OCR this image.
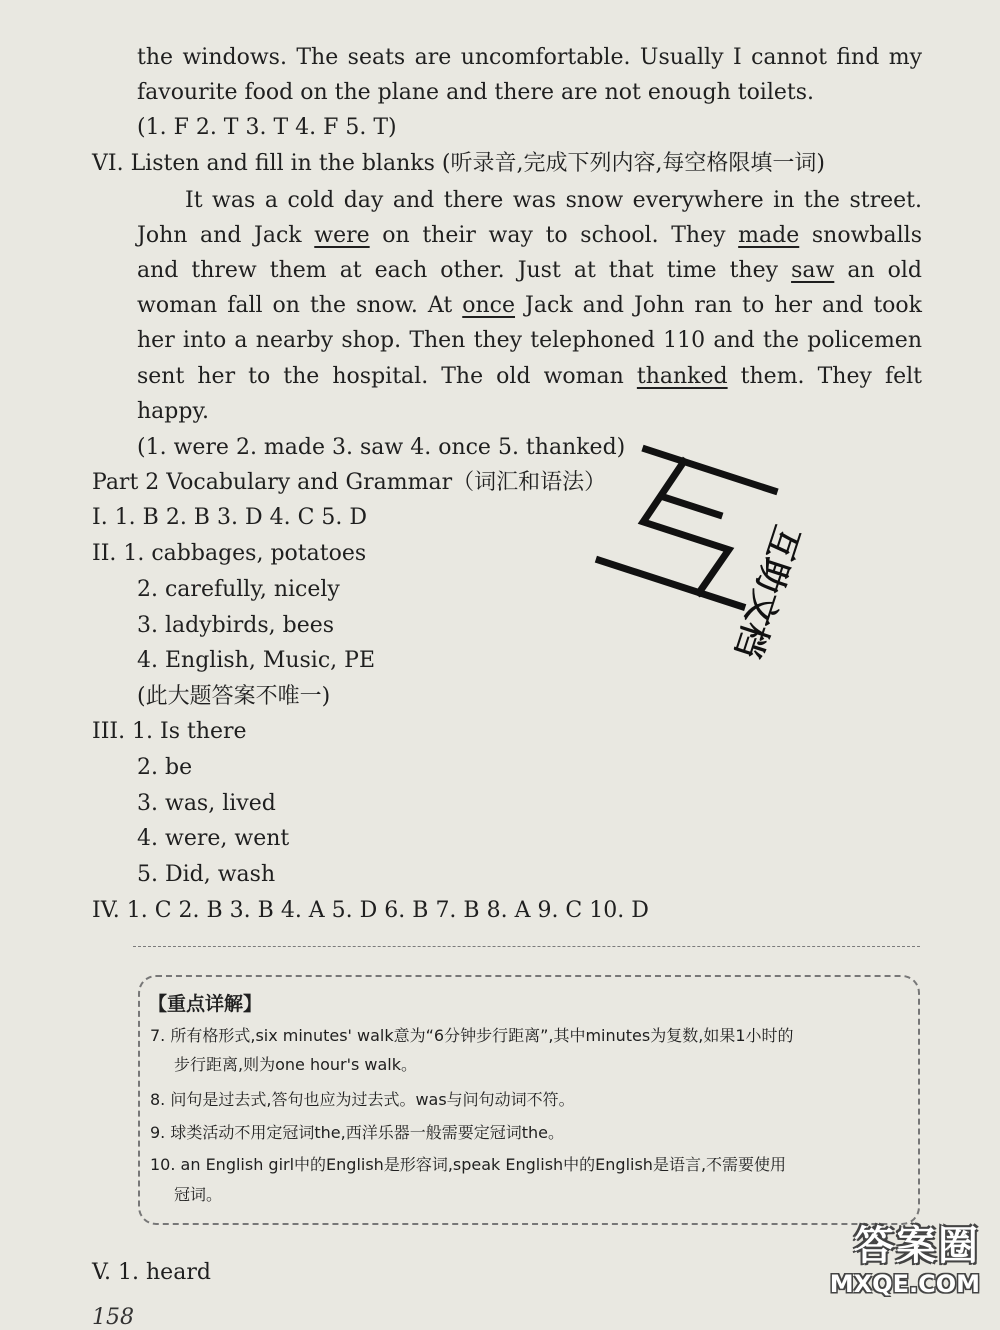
the windows. The seats are uncomfortable. Usually I cannot find my
favourite food on the plane and there are not enough toilets.
(1. F 2. T 3. T 4. F 5. T)
VI. Listen and fill in the blanks (听录音,完成下列内容,每空格限填一词)
It was a cold day and there was snow everywhere in the street.
John and Jack were on their way to school. They made snowballs
and threw them at each other. Just at that time they saw an old
woman fall on the snow. At once Jack and John ran to her and took
her into a nearby shop. Then they telephoned 110 and the policemen
sent her to the hospital. The old woman thanked them. They felt
happy.
(1. were 2. made 3. saw 4. once 5. thanked)
Part 2 Vocabulary and Grammar（词汇和语法）
I. 1. B 2. B 3. D 4. C 5. D
II. 1. cabbages, potatoes
2. carefully, nicely
3. ladybirds, bees
4. English, Music, PE
(此大题答案不唯一)
III. 1. Is there
2. be
3. was, lived
4. were, went
5. Did, wash
IV. 1. C 2. B 3. B 4. A 5. D 6. B 7. B 8. A 9. C 10. D
【重点详解】
7. 所有格形式,six minutes' walk意为“6分钟步行距离”,其中minutes为复数,如果1小时的
步行距离,则为one hour's walk。
8. 问句是过去式,答句也应为过去式。was与问句动词不符。
9. 球类活动不用定冠词the,西洋乐器一般需要定冠词the。
10. an English girl中的English是形容词,speak English中的English是语言,不需要使用
冠词。
V. 1. heard
158
互助文档
答案圈
MXQE.COM
